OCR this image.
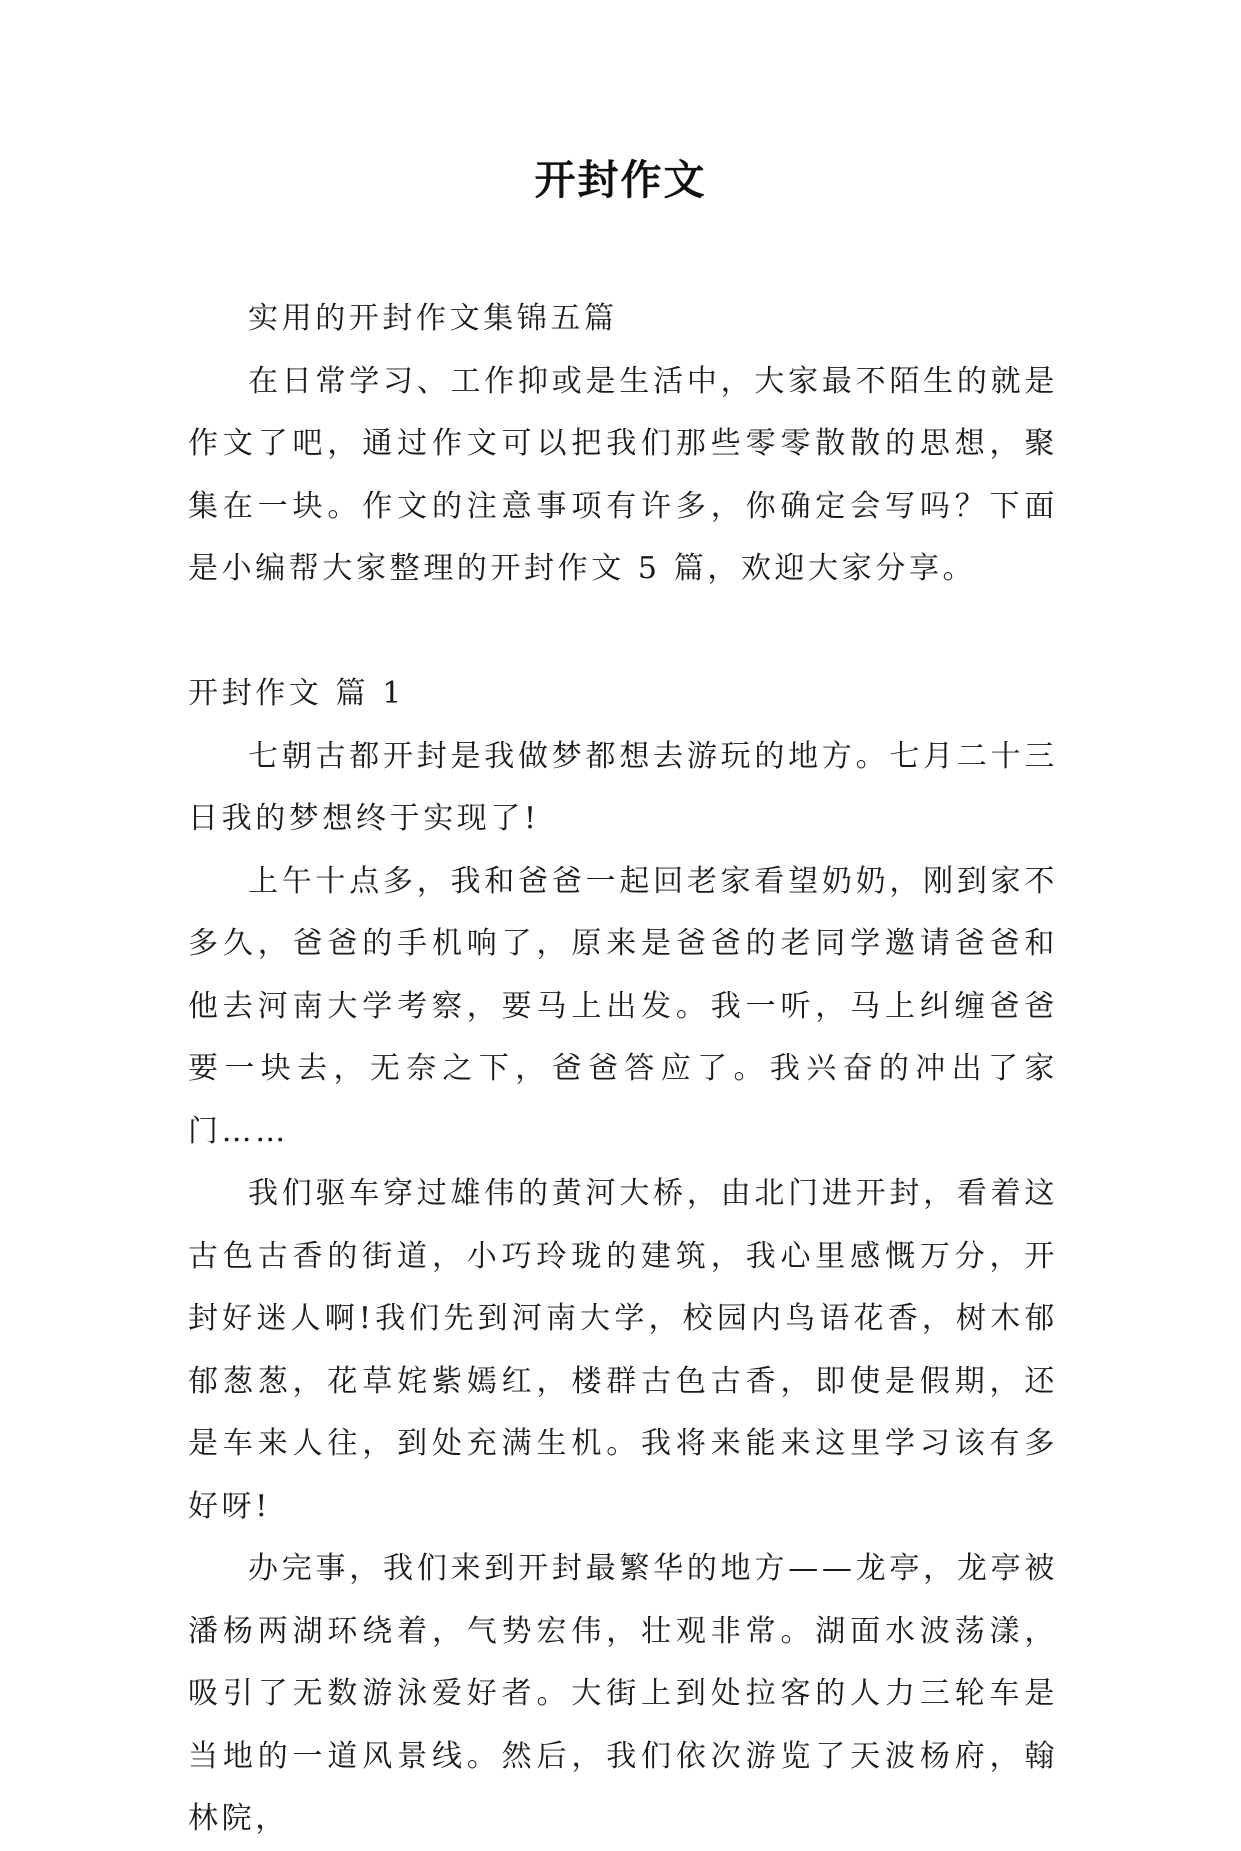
开封作文

实用的开封作文集锦五篇

在日常学习、工作抑或是生活中，大家最不陌生的就是作文了吧，通过作文可以把我们那些零零散散的思想，聚集在一块。作文的注意事项有许多，你确定会写吗？下面是小编帮大家整理的开封作文 5 篇，欢迎大家分享。

开封作文 篇 1

七朝古都开封是我做梦都想去游玩的地方。七月二十三日我的梦想终于实现了!

上午十点多，我和爸爸一起回老家看望奶奶，刚到家不多久，爸爸的手机响了，原来是爸爸的老同学邀请爸爸和他去河南大学考察，要马上出发。我一听，马上纠缠爸爸要一块去，无奈之下，爸爸答应了。我兴奋的冲出了家门……

我们驱车穿过雄伟的黄河大桥，由北门进开封，看着这古色古香的街道，小巧玲珑的建筑，我心里感慨万分，开封好迷人啊!我们先到河南大学，校园内鸟语花香，树木郁郁葱葱，花草姹紫嫣红，楼群古色古香，即使是假期，还是车来人往，到处充满生机。我将来能来这里学习该有多好呀!

办完事，我们来到开封最繁华的地方——龙亭，龙亭被潘杨两湖环绕着，气势宏伟，壮观非常。湖面水波荡漾，吸引了无数游泳爱好者。大街上到处拉客的人力三轮车是当地的一道风景线。然后，我们依次游览了天波杨府，翰林院，
